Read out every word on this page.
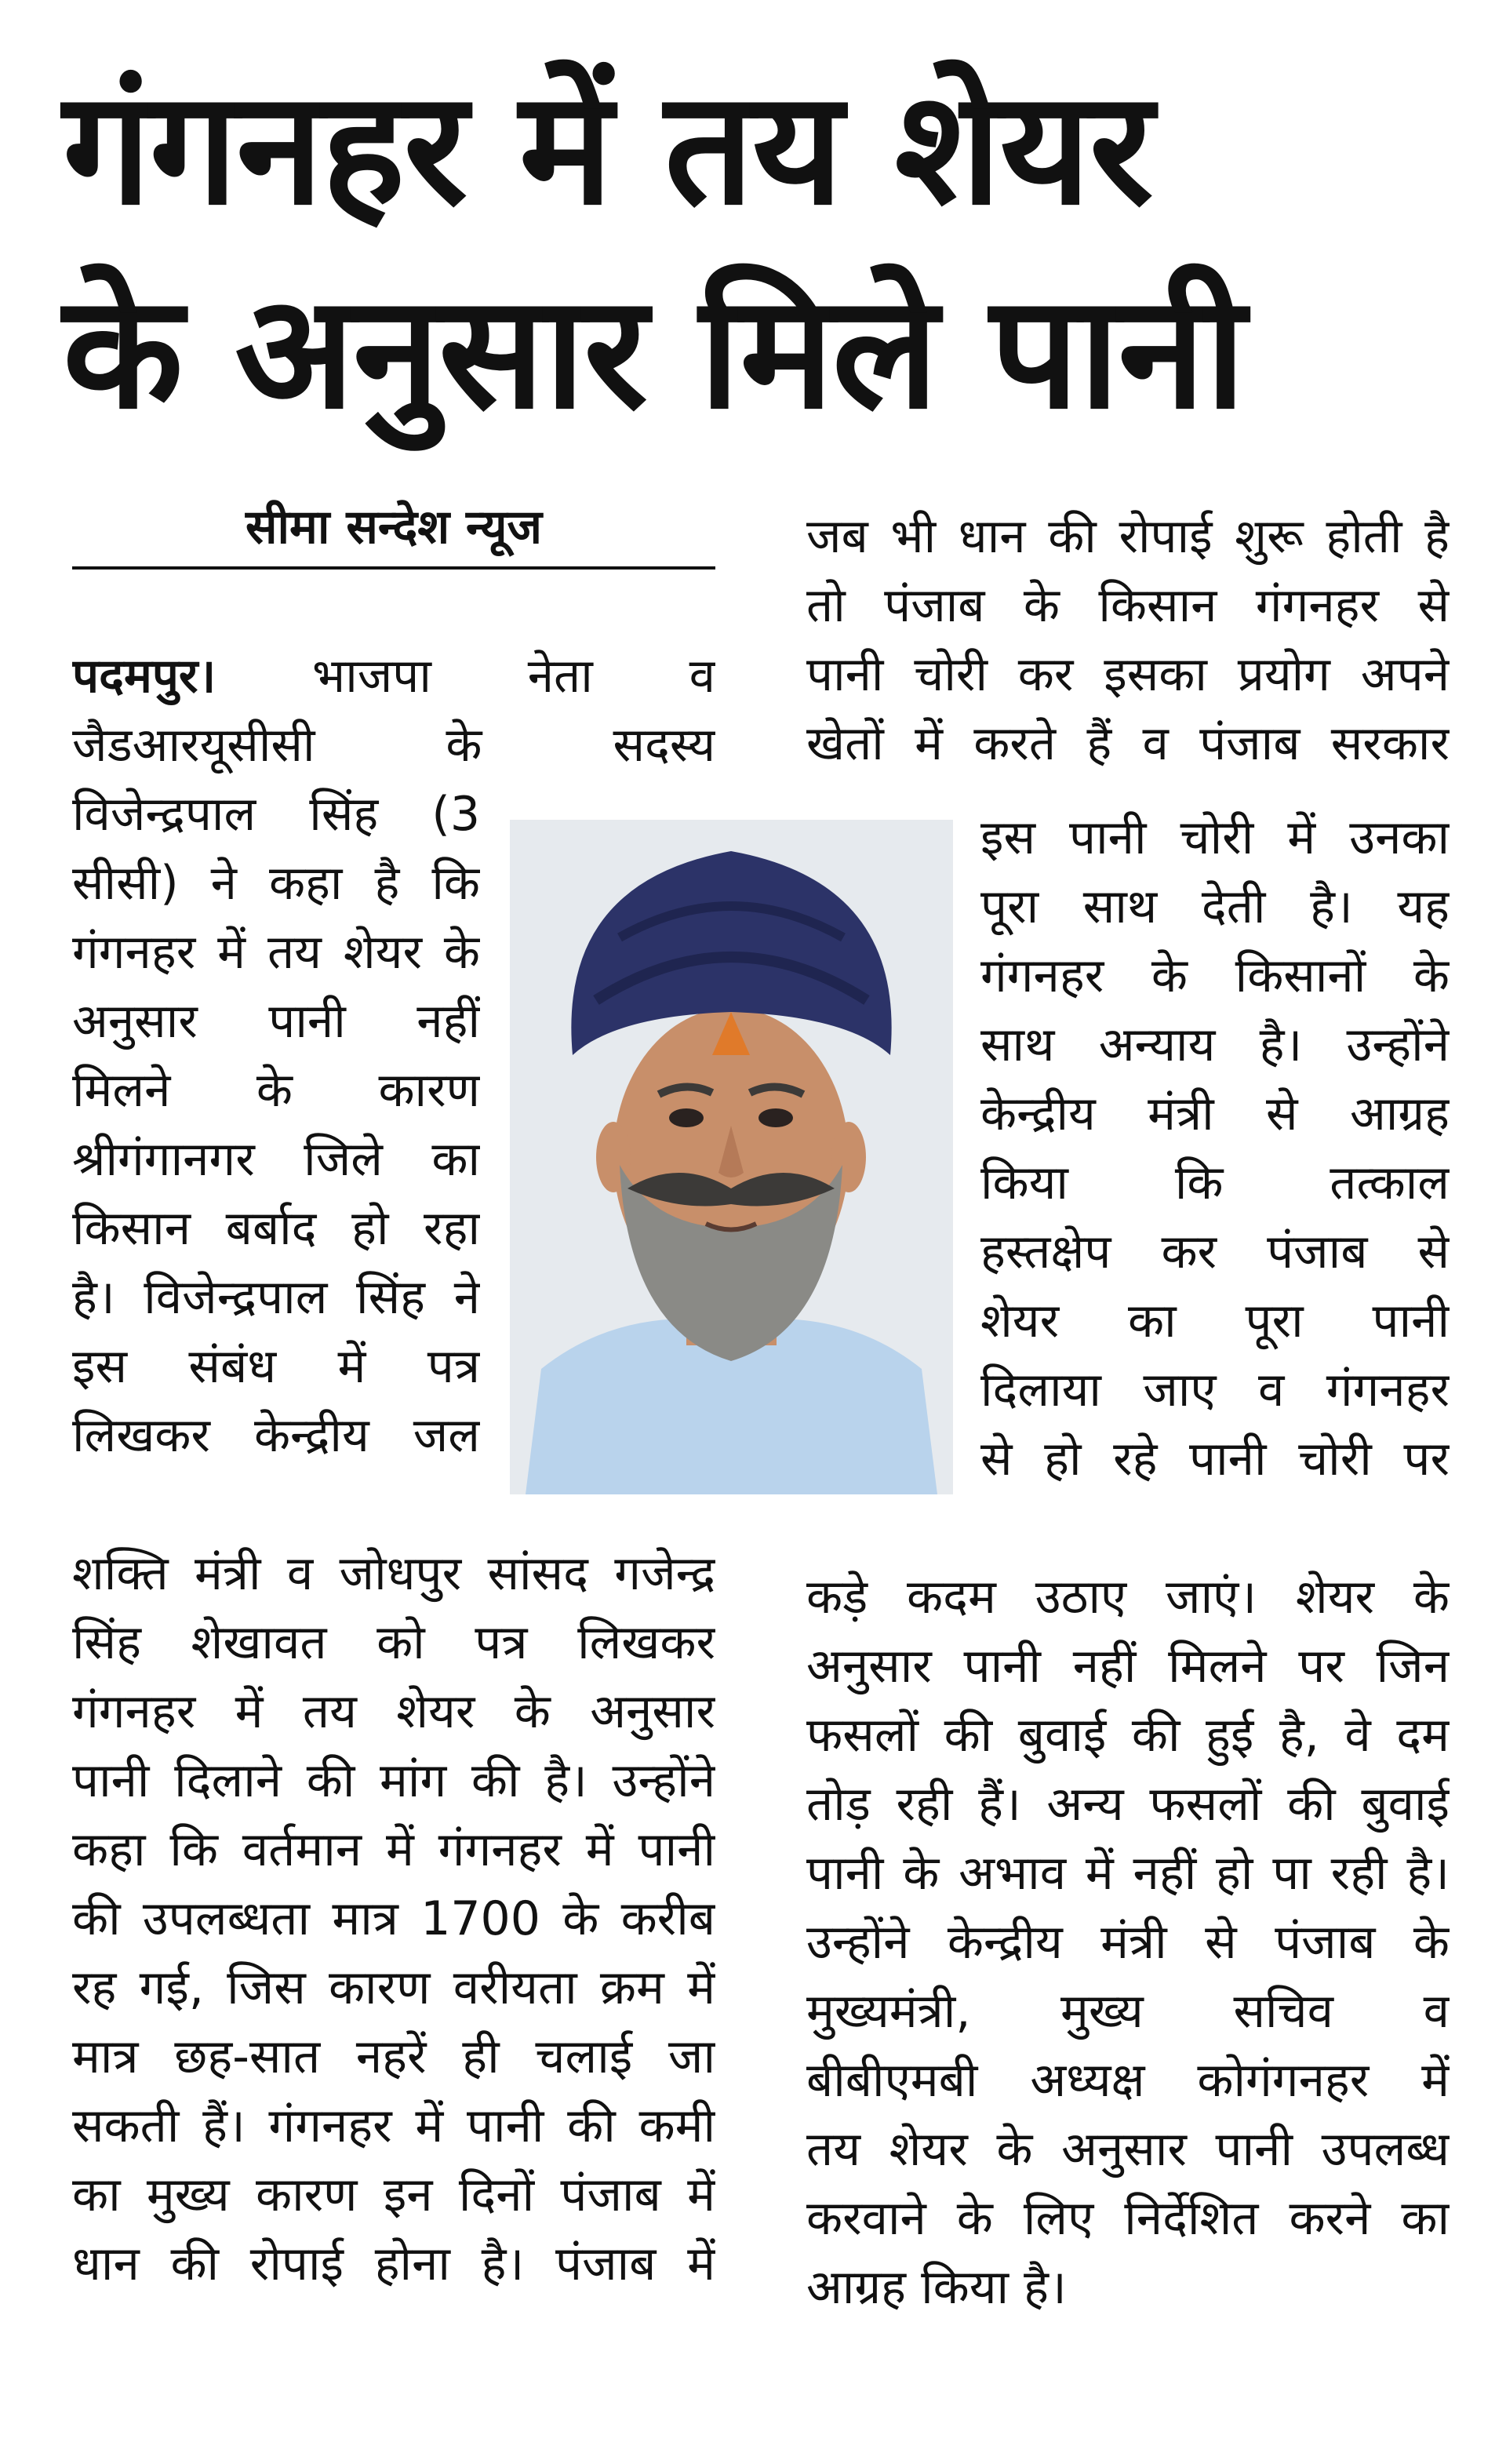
गंगनहर में तय शेयर
के अनुसार मिले पानी
सीमा सन्देश न्यूज
पदमपुर। भाजपा नेता व
जैडआरयूसीसी के सदस्य
विजेन्द्रपाल सिंह (3
सीसी) ने कहा है कि
गंगनहर में तय शेयर के
अनुसार पानी नहीं
मिलने के कारण
श्रीगंगानगर जिले का
किसान बर्बाद हो रहा
है। विजेन्द्रपाल सिंह ने
इस संबंध में पत्र
लिखकर केन्द्रीय जल
शक्ति मंत्री व जोधपुर सांसद गजेन्द्र
सिंह शेखावत को पत्र लिखकर
गंगनहर में तय शेयर के अनुसार
पानी दिलाने की मांग की है। उन्होंने
कहा कि वर्तमान में गंगनहर में पानी
की उपलब्धता मात्र 1700 के करीब
रह गई, जिस कारण वरीयता क्रम में
मात्र छह-सात नहरें ही चलाई जा
सकती हैं। गंगनहर में पानी की कमी
का मुख्य कारण इन दिनों पंजाब में
धान की रोपाई होना है। पंजाब में
जब भी धान की रोपाई शुरू होती है
तो पंजाब के किसान गंगनहर से
पानी चोरी कर इसका प्रयोग अपने
खेतों में करते हैं व पंजाब सरकार
इस पानी चोरी में उनका
पूरा साथ देती है। यह
गंगनहर के किसानों के
साथ अन्याय है। उन्होंने
केन्द्रीय मंत्री से आग्रह
किया कि तत्काल
हस्तक्षेप कर पंजाब से
शेयर का पूरा पानी
दिलाया जाए व गंगनहर
से हो रहे पानी चोरी पर
कड़े कदम उठाए जाएं। शेयर के
अनुसार पानी नहीं मिलने पर जिन
फसलों की बुवाई की हुई है, वे दम
तोड़ रही हैं। अन्य फसलों की बुवाई
पानी के अभाव में नहीं हो पा रही है।
उन्होंने केन्द्रीय मंत्री से पंजाब के
मुख्यमंत्री, मुख्य सचिव व
बीबीएमबी अध्यक्ष कोगंगनहर में
तय शेयर के अनुसार पानी उपलब्ध
करवाने के लिए निर्देशित करने का
आग्रह किया है।
